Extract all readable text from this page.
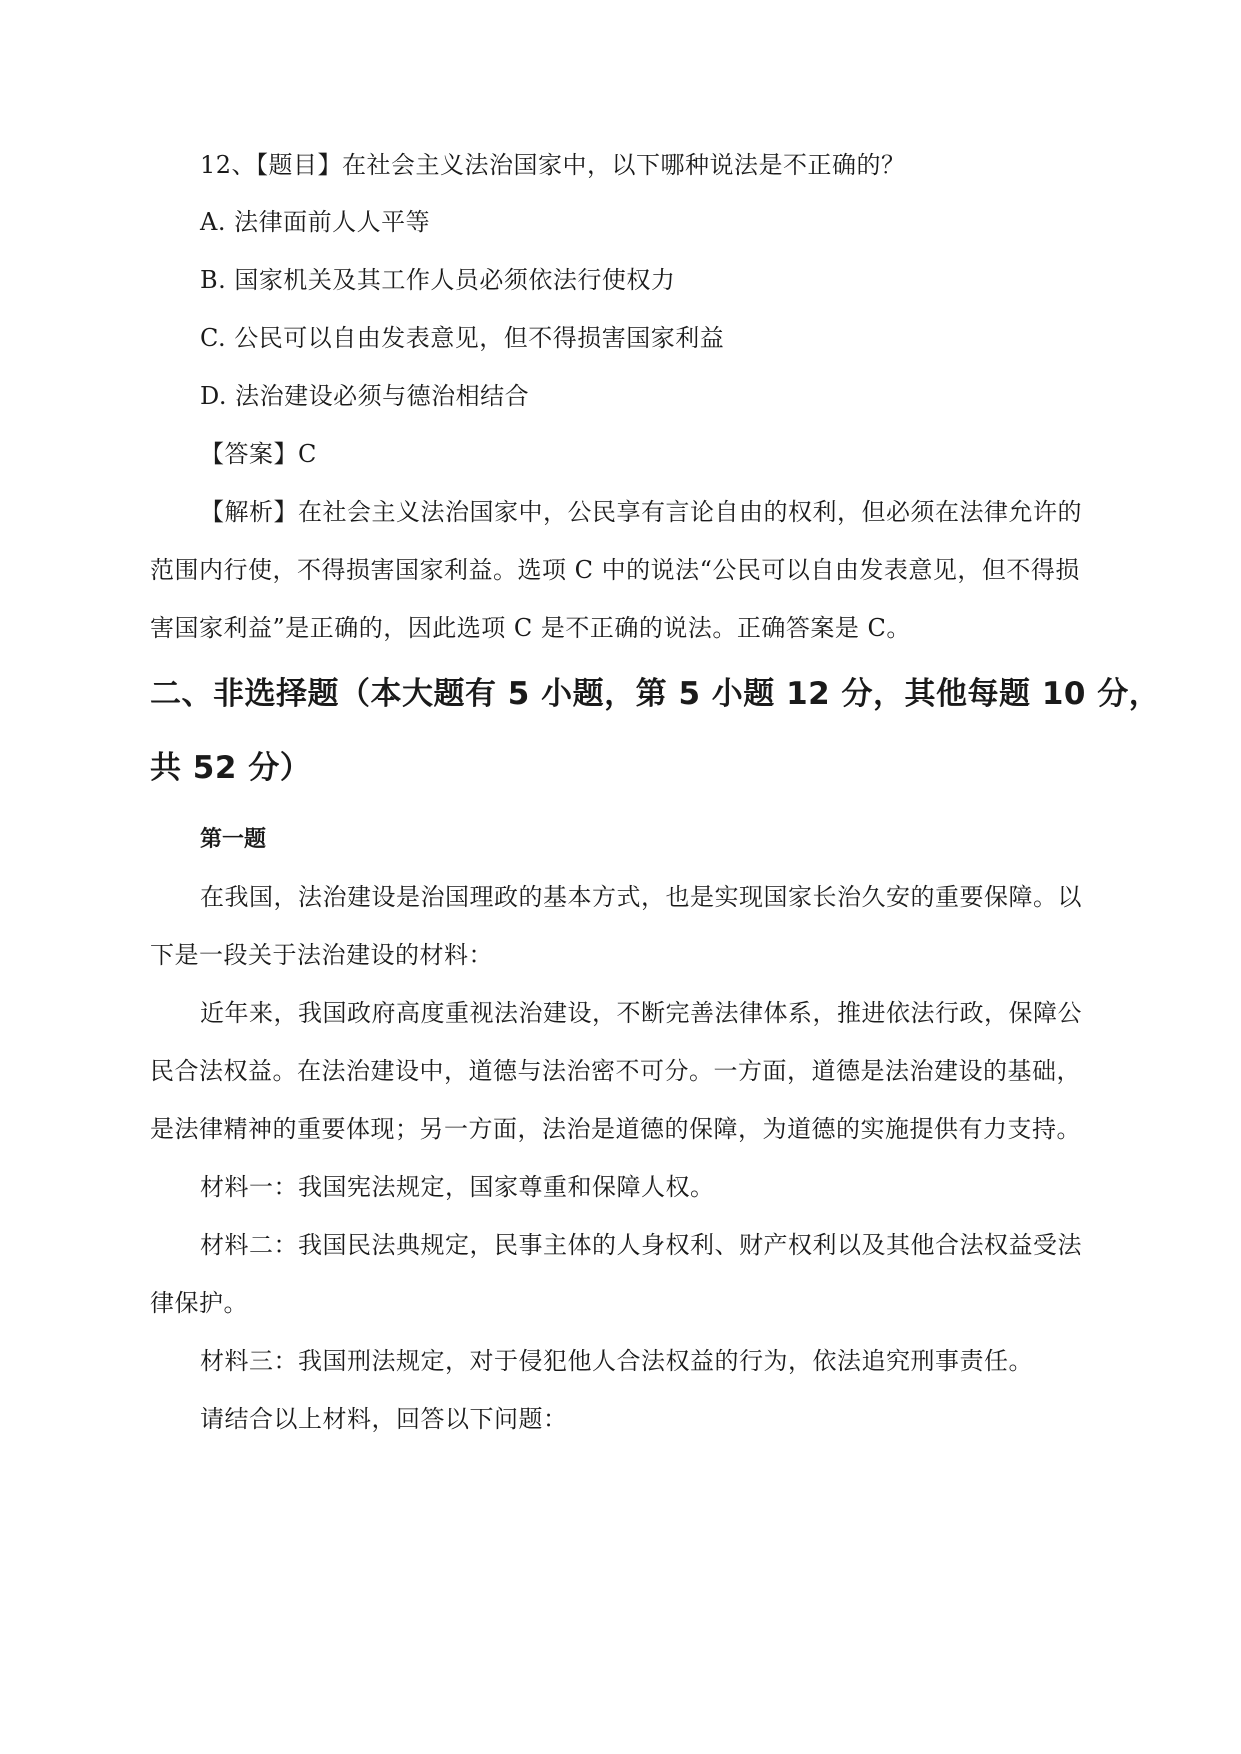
12、【题目】在社会主义法治国家中，以下哪种说法是不正确的？
A. 法律面前人人平等
B. 国家机关及其工作人员必须依法行使权力
C. 公民可以自由发表意见，但不得损害国家利益
D. 法治建设必须与德治相结合
【答案】C
【解析】在社会主义法治国家中，公民享有言论自由的权利，但必须在法律允许的
范围内行使，不得损害国家利益。选项 C 中的说法“公民可以自由发表意见，但不得损
害国家利益”是正确的，因此选项 C 是不正确的说法。正确答案是 C。
二、非选择题（本大题有 5 小题，第 5 小题 12 分，其他每题 10 分，
共 52 分）
第一题
在我国，法治建设是治国理政的基本方式，也是实现国家长治久安的重要保障。以
下是一段关于法治建设的材料：
近年来，我国政府高度重视法治建设，不断完善法律体系，推进依法行政，保障公
民合法权益。在法治建设中，道德与法治密不可分。一方面，道德是法治建设的基础，
是法律精神的重要体现；另一方面，法治是道德的保障，为道德的实施提供有力支持。
材料一：我国宪法规定，国家尊重和保障人权。
材料二：我国民法典规定，民事主体的人身权利、财产权利以及其他合法权益受法
律保护。
材料三：我国刑法规定，对于侵犯他人合法权益的行为，依法追究刑事责任。
请结合以上材料，回答以下问题：
